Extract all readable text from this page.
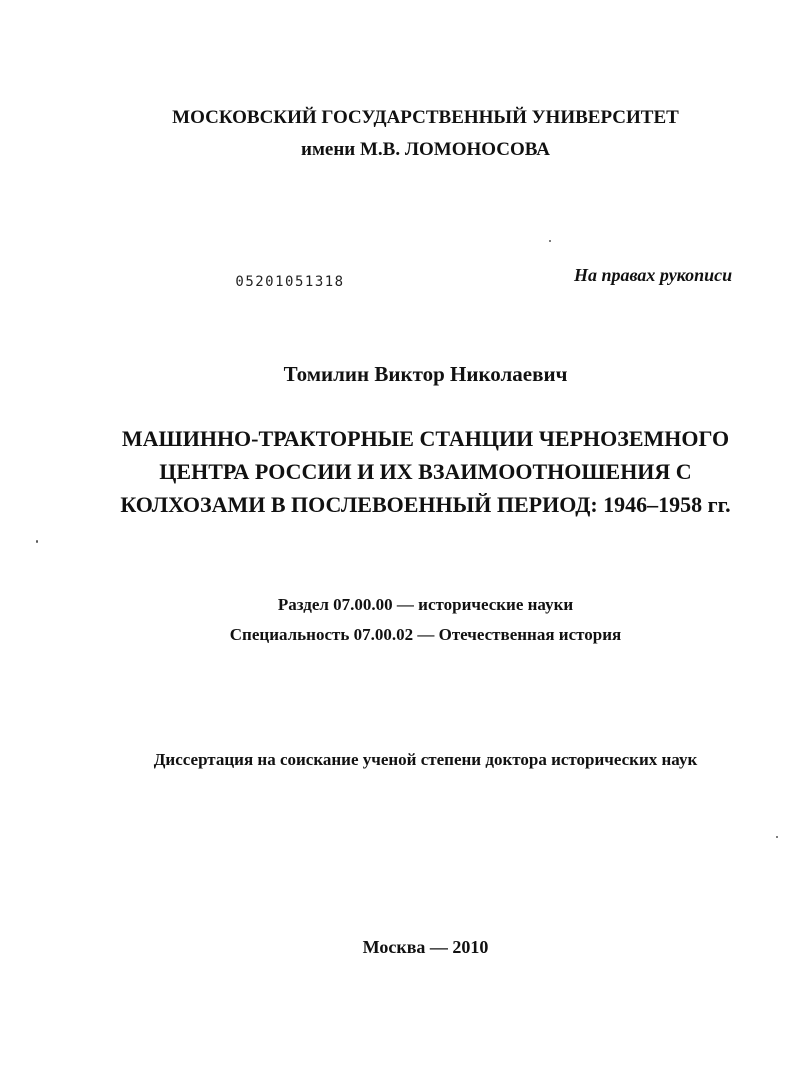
МОСКОВСКИЙ ГОСУДАРСТВЕННЫЙ УНИВЕРСИТЕТ

имени М.В. ЛОМОНОСОВА

05201051318	На правах рукописи

Томилин Виктор Николаевич

МАШИННО-ТРАКТОРНЫЕ СТАНЦИИ ЧЕРНОЗЕМНОГО
ЦЕНТРА РОССИИ И ИХ ВЗАИМООТНОШЕНИЯ С
КОЛХОЗАМИ В ПОСЛЕВОЕННЫЙ ПЕРИОД: 1946–1958 гг.

Раздел 07.00.00 — исторические науки

Специальность 07.00.02 — Отечественная история

Диссертация на соискание ученой степени доктора исторических наук

Москва — 2010
